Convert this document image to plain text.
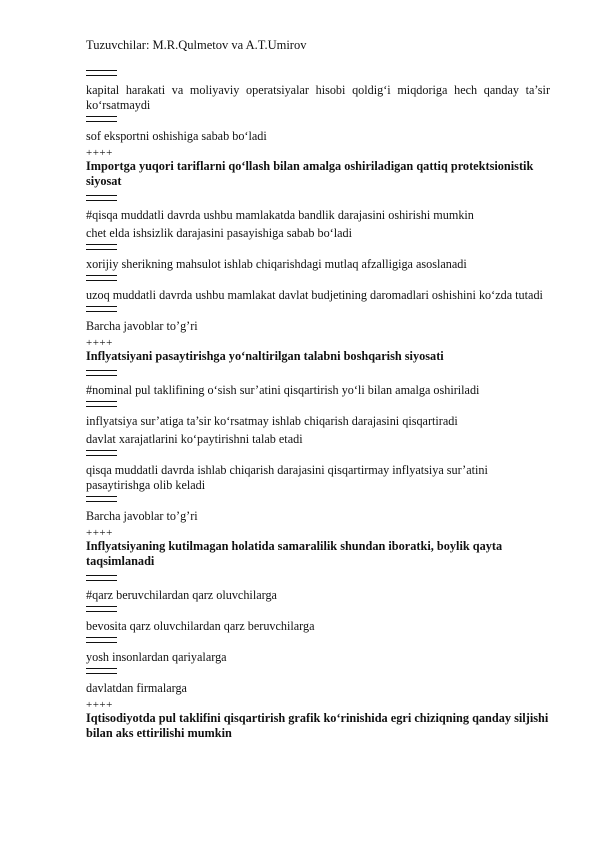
Tuzuvchilar: M.R.Qulmetov va A.T.Umirov
kapital harakati va moliyaviy operatsiyalar hisobi qoldig‘i miqdoriga hech qanday ta’sir ko‘rsatmaydi
sof eksportni oshishiga sabab bo‘ladi
++++
Importga yuqori tariflarni qo‘llash bilan amalga oshiriladigan qattiq protektsionistik siyosat
#qisqa muddatli davrda ushbu mamlakatda bandlik darajasini oshirishi mumkin
chet elda ishsizlik darajasini pasayishiga sabab bo‘ladi
xorijiy sherikning mahsulot ishlab chiqarishdagi mutlaq afzalligiga asoslanadi
uzoq muddatli davrda ushbu mamlakat davlat budjetining daromadlari oshishini ko‘zda tutadi
Barcha javoblar to’g’ri
++++
Inflyatsiyani pasaytirishga yo‘naltirilgan talabni boshqarish siyosati
#nominal pul taklifining o‘sish sur’atini qisqartirish yo‘li bilan amalga oshiriladi
inflyatsiya sur’atiga ta’sir ko‘rsatmay ishlab chiqarish darajasini qisqartiradi
davlat xarajatlarini ko‘paytirishni talab etadi
qisqa muddatli davrda ishlab chiqarish darajasini qisqartirmay inflyatsiya sur’atini pasaytirishga olib keladi
Barcha javoblar to’g’ri
++++
Inflyatsiyaning kutilmagan holatida samaralilik shundan iboratki, boylik qayta taqsimlanadi
#qarz beruvchilardan qarz oluvchilarga
bevosita qarz oluvchilardan qarz beruvchilarga
yosh insonlardan qariyalarga
davlatdan firmalarga
++++
Iqtisodiyotda pul taklifini qisqartirish grafik ko‘rinishida egri chiziqning qanday siljishi bilan aks ettirilishi mumkin
